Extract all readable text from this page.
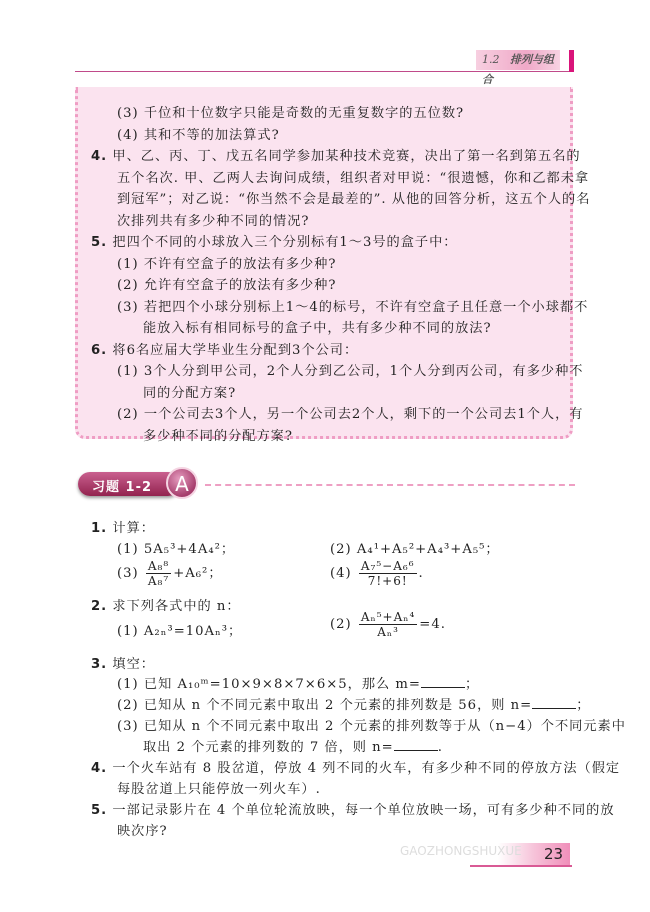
1.2 排列与组合
(3) 千位和十位数字只能是奇数的无重复数字的五位数?
(4) 其和不等的加法算式?
4. 甲、乙、丙、丁、戊五名同学参加某种技术竞赛，决出了第一名到第五名的
五个名次. 甲、乙两人去询问成绩，组织者对甲说：“很遗憾，你和乙都未拿
到冠军”；对乙说：“你当然不会是最差的”. 从他的回答分析，这五个人的名
次排列共有多少种不同的情况?
5. 把四个不同的小球放入三个分别标有1～3号的盒子中：
(1) 不许有空盒子的放法有多少种?
(2) 允许有空盒子的放法有多少种?
(3) 若把四个小球分别标上1～4的标号，不许有空盒子且任意一个小球都不
能放入标有相同标号的盒子中，共有多少种不同的放法?
6. 将6名应届大学毕业生分配到3个公司：
(1) 3个人分到甲公司，2个人分到乙公司，1个人分到丙公司，有多少种不
同的分配方案?
(2) 一个公司去3个人，另一个公司去2个人，剩下的一个公司去1个人，有
多少种不同的分配方案?
习题 1-2	A
1. 计算：
(1) 5A₅³+4A₄²；	(2) A₄¹+A₅²+A₄³+A₅⁵；
$(3) \frac{\text{A₈⁸}}{\text{A₈⁷}} +A_6^2$；	$(4) \frac{\text{A₇⁵−A₆⁶}}{7!+6!}$ .
2. 求下列各式中的 n：
(1) A₂ₙ³=10Aₙ³；	$(2) \frac{\text{Aₙ⁵+Aₙ⁴}}{\text{Aₙ³}} =4$.
3. 填空：
(1) 已知 A₁₀ᵐ=10×9×8×7×6×5，那么 m=	；
(2) 已知从 n 个不同元素中取出 2 个元素的排列数是 56，则 n=	；
(3) 已知从 n 个不同元素中取出 2 个元素的排列数等于从（n−4）个不同元素中
取出 2 个元素的排列数的 7 倍，则 n=	.
4. 一个火车站有 8 股岔道，停放 4 列不同的火车，有多少种不同的停放方法（假定
每股岔道上只能停放一列火车）.
5. 一部记录影片在 4 个单位轮流放映，每一个单位放映一场，可有多少种不同的放
映次序?
GAOZHONGSHUXUE 23
